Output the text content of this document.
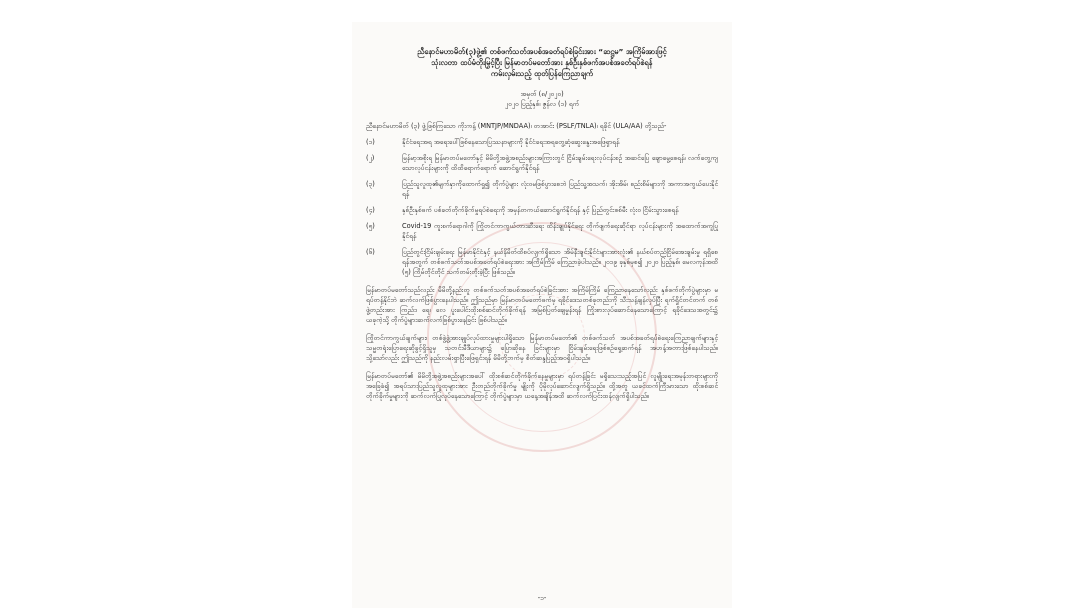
ညီနောင်မဟာမိတ်(၃)ဖွဲ့၏ တစ်ဖက်သတ်အပစ်အခတ်ရပ်စဲခြင်းအား “ဆဋ္ဌမ” အကြိမ်အားဖြင့်
သုံးလတာ ထပ်မံတိုးမြှင့်ပြီး မြန်မာတပ်မတော်အား နှစ်ဦးနှစ်ဖက်အပစ်အခတ်ရပ်စဲရန်
ကမ်းလှမ်းသည့် ထုတ်ပြန်ကြေညာချက်
အမှတ် (၈/၂၀၂၀)
၂၀၂၀ ပြည့်နှစ်၊ ဇွန်လ (၁) ရက်
ညီနောင်မဟာမိတ် (၃) ဖွဲ့ဖြစ်ကြသော ကိုးကန့် (MNTJP/MNDAA)၊ တအာင်း (PSLF/TNLA)၊ ရခိုင် (ULA/AA) တို့သည်-
(၁)	နိုင်ငံရေးအရ အရေးပေါ်ဖြစ်နေသောပြဿနာများကို နိုင်ငံရေးအရတွေ့ဆုံဆွေးနွေးအဖြေရှာရန်
(၂)	မြန်မာ့အစိုးရ မြန်မာတပ်မတော်နှင့် မိမိတို့အဖွဲ့အစည်းများအကြားတွင် ငြိမ်းချမ်းရေးလုပ်ငန်းစဉ် အဆင်ပြေ ချောမွေ့စေရန်၊ လက်တွေ့ကျသောလုပ်ငန်းများကို ထိထိရောက်ရောက် ဆောင်ရွက်နိုင်ရန်
(၃)	ပြည်သူလူထု၏မျက်နှာကိုထောက်ရှု၍ တိုက်ပွဲများ လုံးဝမဖြစ်ပွားစေဘဲ ပြည်သူ့အသက်၊ အိုးအိမ်၊ စည်းစိမ်များကို အကာအကွယ်ပေးနိုင်ရန်
(၄)	နှစ်ဦးနှစ်ဖက် ပစ်ခတ်တိုက်ခိုက်မှုရပ်စဲရေးကို အမှန်တကယ်ဆောင်ရွက်နိုင်ရန် နှင့် ပြည်တွင်းစစ်မီး လုံးဝ ငြိမ်းသွားစေရန်
(၅)	Covid-19 ကူးစက်ရောဂါကို ကြိုတင်ကာကွယ်တားဆီးရေး ထိန်းချုပ်နိုင်ရေး တိုက်ဖျက်ရေးဆိုင်ရာ လုပ်ငန်းများကို အထောက်အကူပြုနိုင်ရန်
(၆)	ပြည်တွင်းငြိမ်းချမ်းရေး မြန်မာနိုင်ငံနှင့် နယ်နိမိတ်ထိစပ်လျက်ရှိသော အိမ်နီးချင်းနိုင်ငံများအားလုံး၏ နယ်စပ်တည်ငြိမ်အေးချမ်းမှု ရရှိစေရန်အတွက် တစ်ဖက်သတ်အပစ်အခတ်ရပ်စဲရေးအား အကြိမ်ကြိမ် ကြေညာခဲ့ပါသည်။ ၂၀၁၉ ခုနှစ်မှစ၍ ၂၀၂၀ ပြည့်နှစ်၊ မေလကုန်အထိ (၅) ကြိမ်တိုင်တိုင် သက်တမ်းတိုးခဲ့ပြီး ဖြစ်သည်။
မြန်မာတပ်မတော်သည်လည်း မိမိတို့နည်းတူ တစ်ဖက်သတ်အပစ်အခတ်ရပ်စဲခြင်းအား အကြိမ်ကြိမ် ကြေညာနေသော်လည်း နှစ်ဖက်တိုက်ပွဲများမှာ မရပ်တန့်နိုင်ဘဲ ဆက်လက်ဖြစ်ပွားနေပါသည်။ ဤသည်မှာ မြန်မာတပ်မတော်ဖက်မှ ရခိုင်ဒေသတစ်ခုတည်းကို သီးသန့်ချန်လှပ်ပြီး ရက်ရှိုင်တင်တက် တစ်ဖွဲ့တည်းအား ကြည်း၊ ရေ၊ လေ ပူးပေါင်းထိုးစစ်ဆင်တိုက်ခိုက်ရန် အမြစ်ပြတ်ချေမှုန်းရန် ကြိုးစားလုပ်ဆောင်နေသောကြောင့် ရခိုင်ဒေသအတွင်း၌ ယခုကဲ့သို့ တိုက်ပွဲများဆက်လက်ဖြစ်ပွားနေခြင်း ဖြစ်ပါသည်။
ကြိုတင်ကာကွယ်ချက်များ၊ တစ်ဖွဲ့ဖွဲ့အားချုပ်လုပ်ထားမှုများပါရှိသော မြန်မာတပ်မတော်၏ တစ်ဖက်သတ် အပစ်အခတ်ရပ်စဲရေးကြေညာချက်များနှင့် သမ္မတရုံးပြောရေးဆိုခွင့်ရှိသူမှ သတင်းမီဒီယာများ၌ ပြောဆိုနေ ခြင်းများမှာ ငြိမ်းချမ်းရေးဖြစ်စဉ်ရှေ့ဆက်ရန် အဟန့်အတားဖြစ်နေပါသည်။ သို့သော်လည်း ဤသည်ကို နည်းလမ်းရှာပြီးဖြေရှင်းရန် မိမိတို့ဘက်မှ စိတ်ဆန္ဒပြည့်အဝရှိပါသည်။
မြန်မာတပ်မတော်၏ မိမိတို့အဖွဲ့အစည်းများအပေါ် ထိုးစစ်ဆင်တိုက်ခိုက်နေမှုများမှာ ရပ်တန့်ခြင်း မရှိသေးသည့်အပြင် လူမျိုးရေးအမုန်းတရားများကိုအခြေခံ၍ အရပ်သားပြည်သူလူထုများအား ဦးတည်တိုက်ခိုက်မှု မျိုးကို ပိုမိုလုပ်ဆောင်လျက်ရှိသည်။ ထို့အတူ ယခင်ထက်ကြီးမားသော ထိုးစစ်ဆင်တိုက်ခိုက်မှုများကို ဆက်လက်ပြုလုပ်နေသောကြောင့် တိုက်ပွဲများမှာ ယနေ့အချိန်အထိ ဆက်လက်ပြင်းထန်လျက်ရှိပါသည်။
-၁-
